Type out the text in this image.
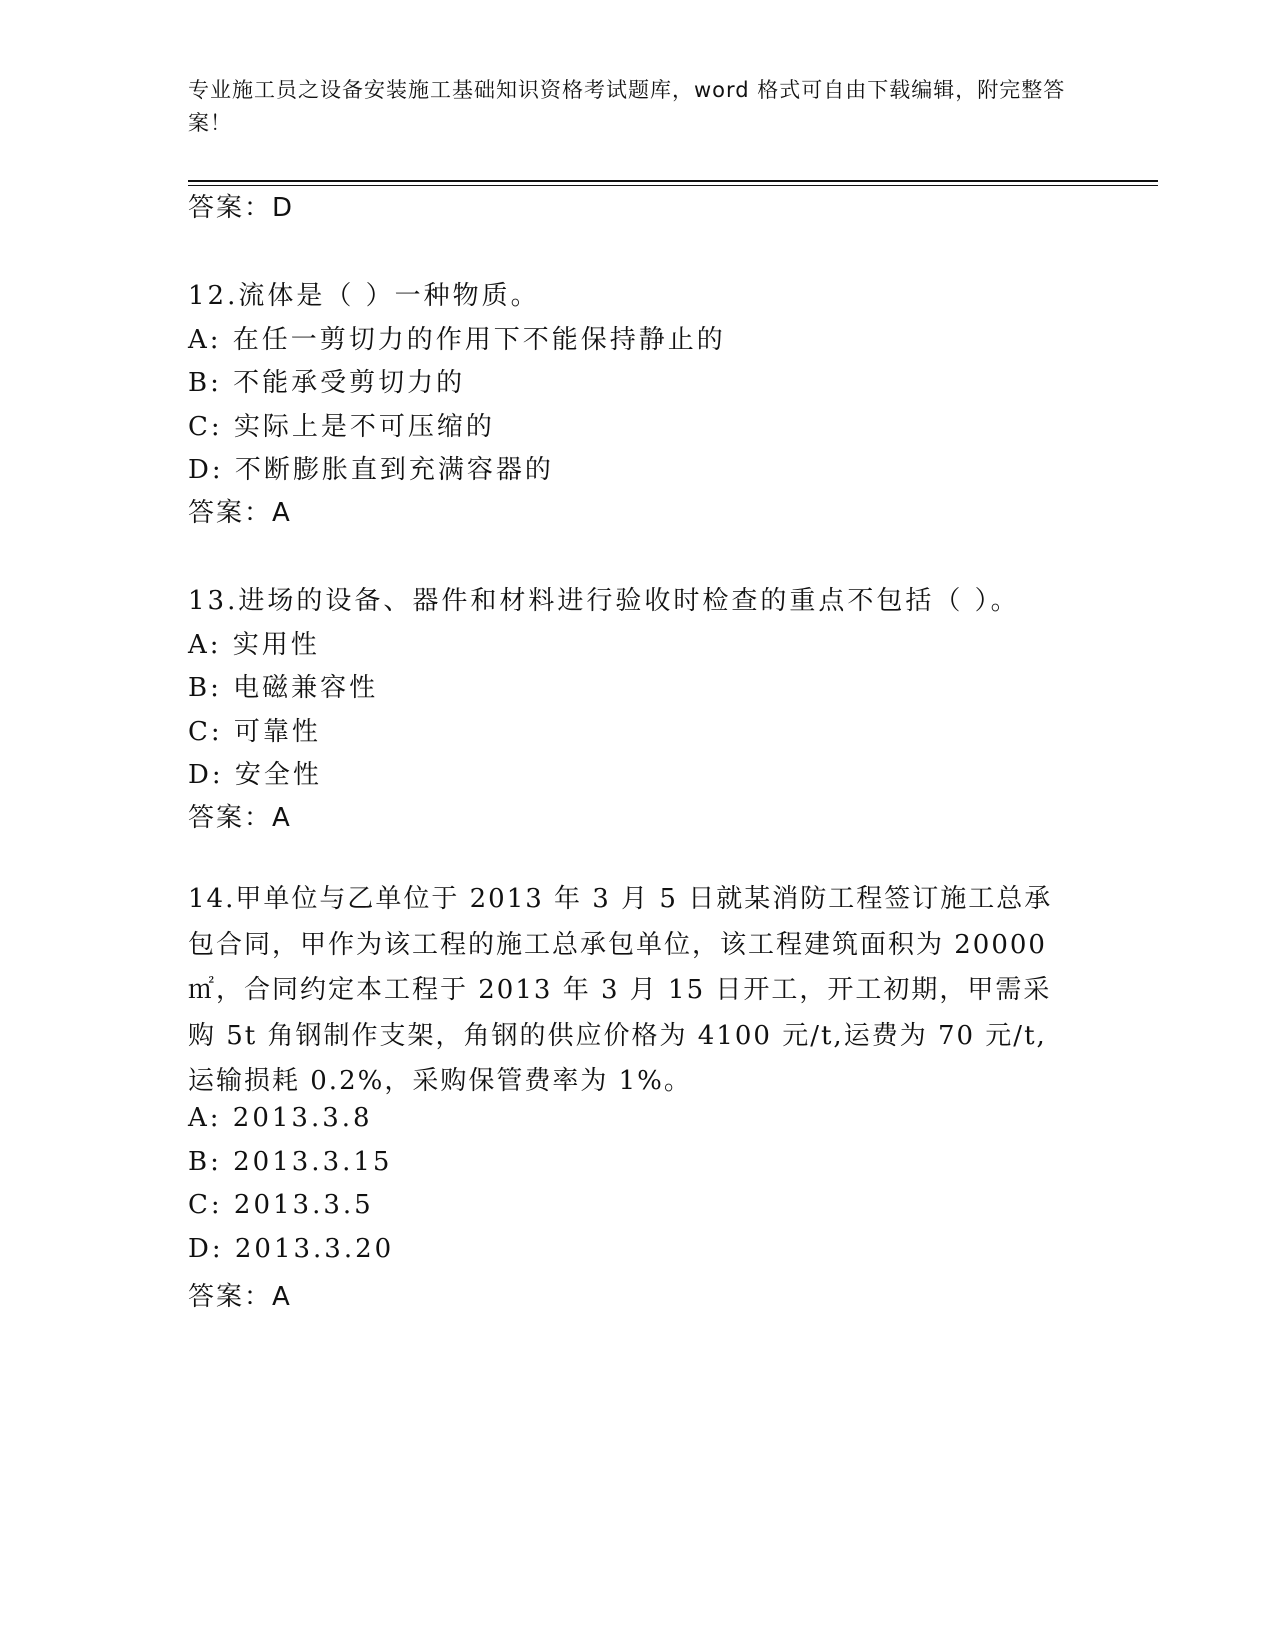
专业施工员之设备安装施工基础知识资格考试题库，word 格式可自由下载编辑，附完整答案！
答案：D
12.流体是（ ）一种物质。
A: 在任一剪切力的作用下不能保持静止的
B: 不能承受剪切力的
C: 实际上是不可压缩的
D: 不断膨胀直到充满容器的
答案：A
13.进场的设备、器件和材料进行验收时检查的重点不包括（ ）。
A: 实用性
B: 电磁兼容性
C: 可靠性
D: 安全性
答案：A
14.甲单位与乙单位于 2013 年 3 月 5 日就某消防工程签订施工总承包合同，甲作为该工程的施工总承包单位，该工程建筑面积为 20000㎡，合同约定本工程于 2013 年 3 月 15 日开工，开工初期，甲需采购 5t 角钢制作支架，角钢的供应价格为 4100 元/t,运费为 70 元/t,运输损耗 0.2%，采购保管费率为 1%。
A: 2013.3.8
B: 2013.3.15
C: 2013.3.5
D: 2013.3.20
答案：A
